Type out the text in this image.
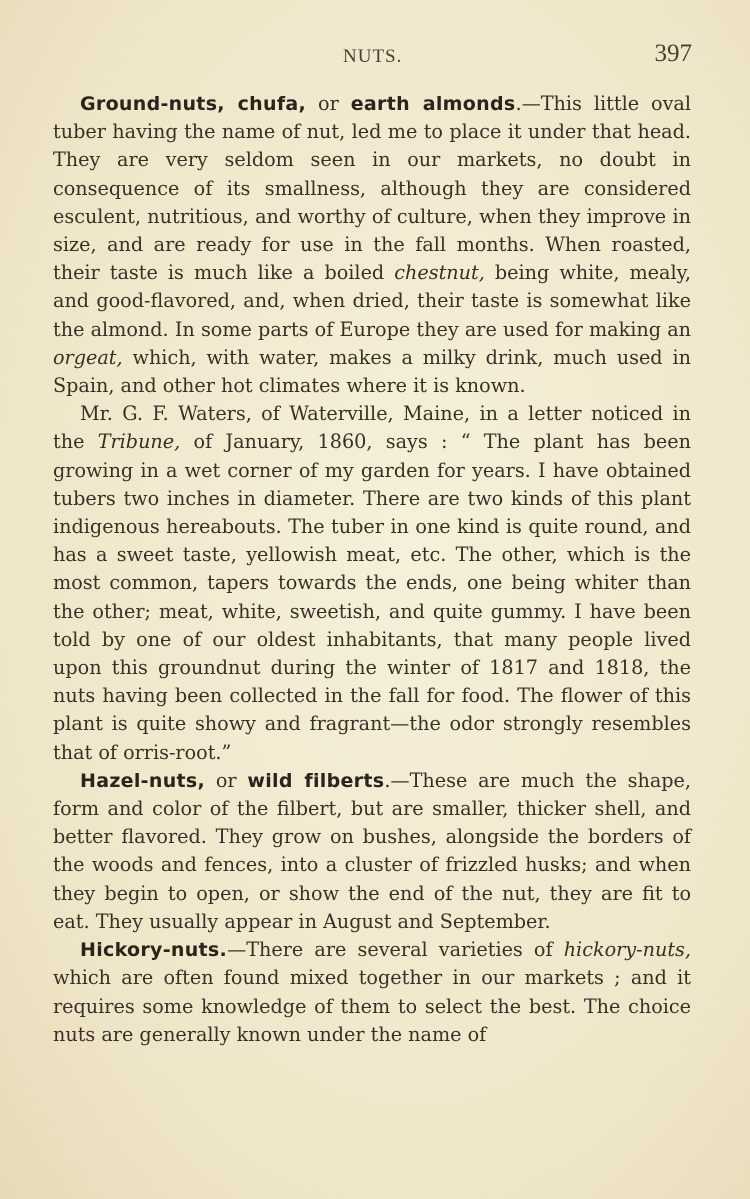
NUTS.	397

Ground-nuts, chufa, or earth almonds.—This little oval tuber having the name of nut, led me to place it under that head. They are very seldom seen in our markets, no doubt in consequence of its smallness, although they are considered esculent, nutritious, and worthy of culture, when they improve in size, and are ready for use in the fall months. When roasted, their taste is much like a boiled chestnut, being white, mealy, and good-flavored, and, when dried, their taste is somewhat like the almond. In some parts of Europe they are used for making an orgeat, which, with water, makes a milky drink, much used in Spain, and other hot climates where it is known.

Mr. G. F. Waters, of Waterville, Maine, in a letter noticed in the Tribune, of January, 1860, says : “ The plant has been growing in a wet corner of my garden for years. I have obtained tubers two inches in diameter. There are two kinds of this plant indigenous hereabouts. The tuber in one kind is quite round, and has a sweet taste, yellowish meat, etc. The other, which is the most common, tapers towards the ends, one being whiter than the other; meat, white, sweetish, and quite gummy. I have been told by one of our oldest inhabitants, that many people lived upon this groundnut during the winter of 1817 and 1818, the nuts having been collected in the fall for food. The flower of this plant is quite showy and fragrant—the odor strongly resembles that of orris-root.”

Hazel-nuts, or wild filberts.—These are much the shape, form and color of the filbert, but are smaller, thicker shell, and better flavored. They grow on bushes, alongside the borders of the woods and fences, into a cluster of frizzled husks; and when they begin to open, or show the end of the nut, they are fit to eat. They usually appear in August and September.

Hickory-nuts.—There are several varieties of hickory-nuts, which are often found mixed together in our markets ; and it requires some knowledge of them to select the best. The choice nuts are generally known under the name of
